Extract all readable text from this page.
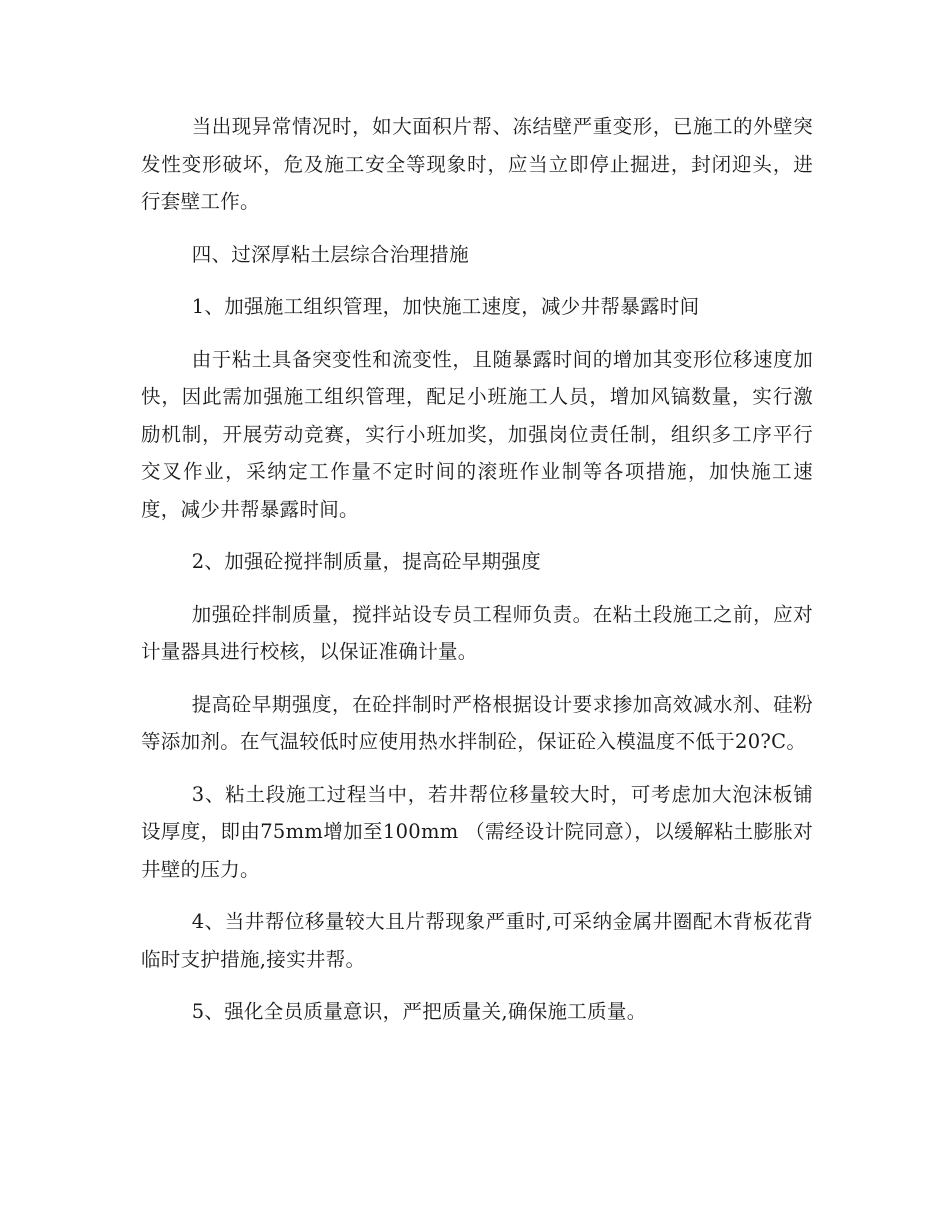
当出现异常情况时，如大面积片帮、冻结壁严重变形，已施工的外壁突发性变形破坏，危及施工安全等现象时，应当立即停止掘进，封闭迎头，进行套壁工作。

四、过深厚粘土层综合治理措施

1、加强施工组织管理，加快施工速度，减少井帮暴露时间

由于粘土具备突变性和流变性，且随暴露时间的增加其变形位移速度加快，因此需加强施工组织管理，配足小班施工人员，增加风镐数量，实行激励机制，开展劳动竞赛，实行小班加奖，加强岗位责任制，组织多工序平行交叉作业，采纳定工作量不定时间的滚班作业制等各项措施，加快施工速度，减少井帮暴露时间。

2、加强砼搅拌制质量，提高砼早期强度

加强砼拌制质量，搅拌站设专员工程师负责。在粘土段施工之前，应对计量器具进行校核，以保证准确计量。

提高砼早期强度，在砼拌制时严格根据设计要求掺加高效减水剂、硅粉等添加剂。在气温较低时应使用热水拌制砼，保证砼入模温度不低于20?C。

3、粘土段施工过程当中，若井帮位移量较大时，可考虑加大泡沫板铺设厚度，即由75mm增加至100mm （需经设计院同意），以缓解粘土膨胀对井壁的压力。

4、当井帮位移量较大且片帮现象严重时,可采纳金属井圈配木背板花背临时支护措施,接实井帮。

5、强化全员质量意识，严把质量关,确保施工质量。
